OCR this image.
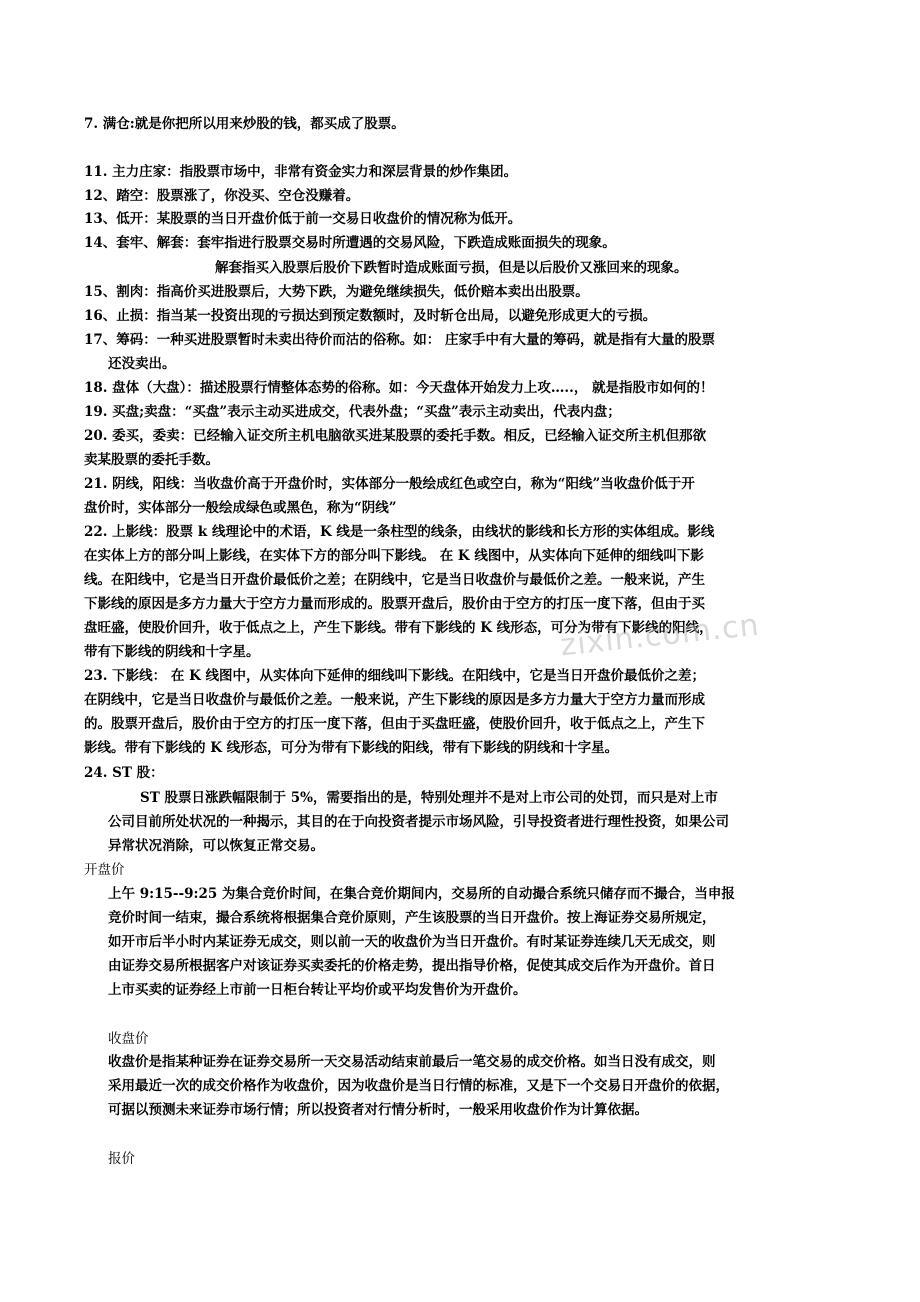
7. 满仓:就是你把所以用来炒股的钱，都买成了股票。
11. 主力庄家：指股票市场中，非常有资金实力和深层背景的炒作集团。
12、踏空：股票涨了，你没买、空仓没赚着。
13、低开：某股票的当日开盘价低于前一交易日收盘价的情况称为低开。
14、套牢、解套：套牢指进行股票交易时所遭遇的交易风险，下跌造成账面损失的现象。
解套指买入股票后股价下跌暂时造成账面亏损，但是以后股价又涨回来的现象。
15、割肉：指高价买进股票后，大势下跌，为避免继续损失，低价赔本卖出出股票。
16、止损：指当某一投资出现的亏损达到预定数额时，及时斩仓出局，以避免形成更大的亏损。
17、筹码：一种买进股票暂时未卖出待价而沽的俗称。如： 庄家手中有大量的筹码，就是指有大量的股票
还没卖出。
18. 盘体（大盘）：描述股票行情整体态势的俗称。如：今天盘体开始发力上攻…..， 就是指股市如何的！
19. 买盘;卖盘：“买盘”表示主动买进成交，代表外盘；“买盘”表示主动卖出，代表内盘；
20. 委买，委卖：已经输入证交所主机电脑欲买进某股票的委托手数。相反，已经输入证交所主机但那欲
卖某股票的委托手数。
21. 阴线，阳线：当收盘价高于开盘价时，实体部分一般绘成红色或空白，称为“阳线”当收盘价低于开
盘价时，实体部分一般绘成绿色或黑色，称为“阴线”
22. 上影线：股票 k 线理论中的术语，K 线是一条柱型的线条，由线状的影线和长方形的实体组成。影线
在实体上方的部分叫上影线，在实体下方的部分叫下影线。 在 K 线图中，从实体向下延伸的细线叫下影
线。在阳线中，它是当日开盘价最低价之差；在阴线中，它是当日收盘价与最低价之差。一般来说，产生
下影线的原因是多方力量大于空方力量而形成的。股票开盘后，股价由于空方的打压一度下落，但由于买
盘旺盛，使股价回升，收于低点之上，产生下影线。带有下影线的 K 线形态，可分为带有下影线的阳线，
带有下影线的阴线和十字星。
23. 下影线： 在 K 线图中，从实体向下延伸的细线叫下影线。在阳线中，它是当日开盘价最低价之差；
在阴线中，它是当日收盘价与最低价之差。一般来说，产生下影线的原因是多方力量大于空方力量而形成
的。股票开盘后，股价由于空方的打压一度下落，但由于买盘旺盛，使股价回升，收于低点之上，产生下
影线。带有下影线的 K 线形态，可分为带有下影线的阳线，带有下影线的阴线和十字星。
24. ST 股：
ST 股票日涨跌幅限制于 5%，需要指出的是，特别处理并不是对上市公司的处罚，而只是对上市
公司目前所处状况的一种揭示，其目的在于向投资者提示市场风险，引导投资者进行理性投资，如果公司
异常状况消除，可以恢复正常交易。
开盘价
上午 9:15--9:25 为集合竞价时间，在集合竞价期间内，交易所的自动撮合系统只储存而不撮合，当申报
竞价时间一结束，撮合系统将根据集合竞价原则，产生该股票的当日开盘价。按上海证券交易所规定，
如开市后半小时内某证券无成交，则以前一天的收盘价为当日开盘价。有时某证券连续几天无成交，则
由证券交易所根据客户对该证券买卖委托的价格走势，提出指导价格，促使其成交后作为开盘价。首日
上市买卖的证券经上市前一日柜台转让平均价或平均发售价为开盘价。
收盘价
收盘价是指某种证券在证券交易所一天交易活动结束前最后一笔交易的成交价格。如当日没有成交，则
采用最近一次的成交价格作为收盘价，因为收盘价是当日行情的标准，又是下一个交易日开盘价的依据，
可据以预测未来证券市场行情；所以投资者对行情分析时，一般采用收盘价作为计算依据。
报价
zixin.com.cn
